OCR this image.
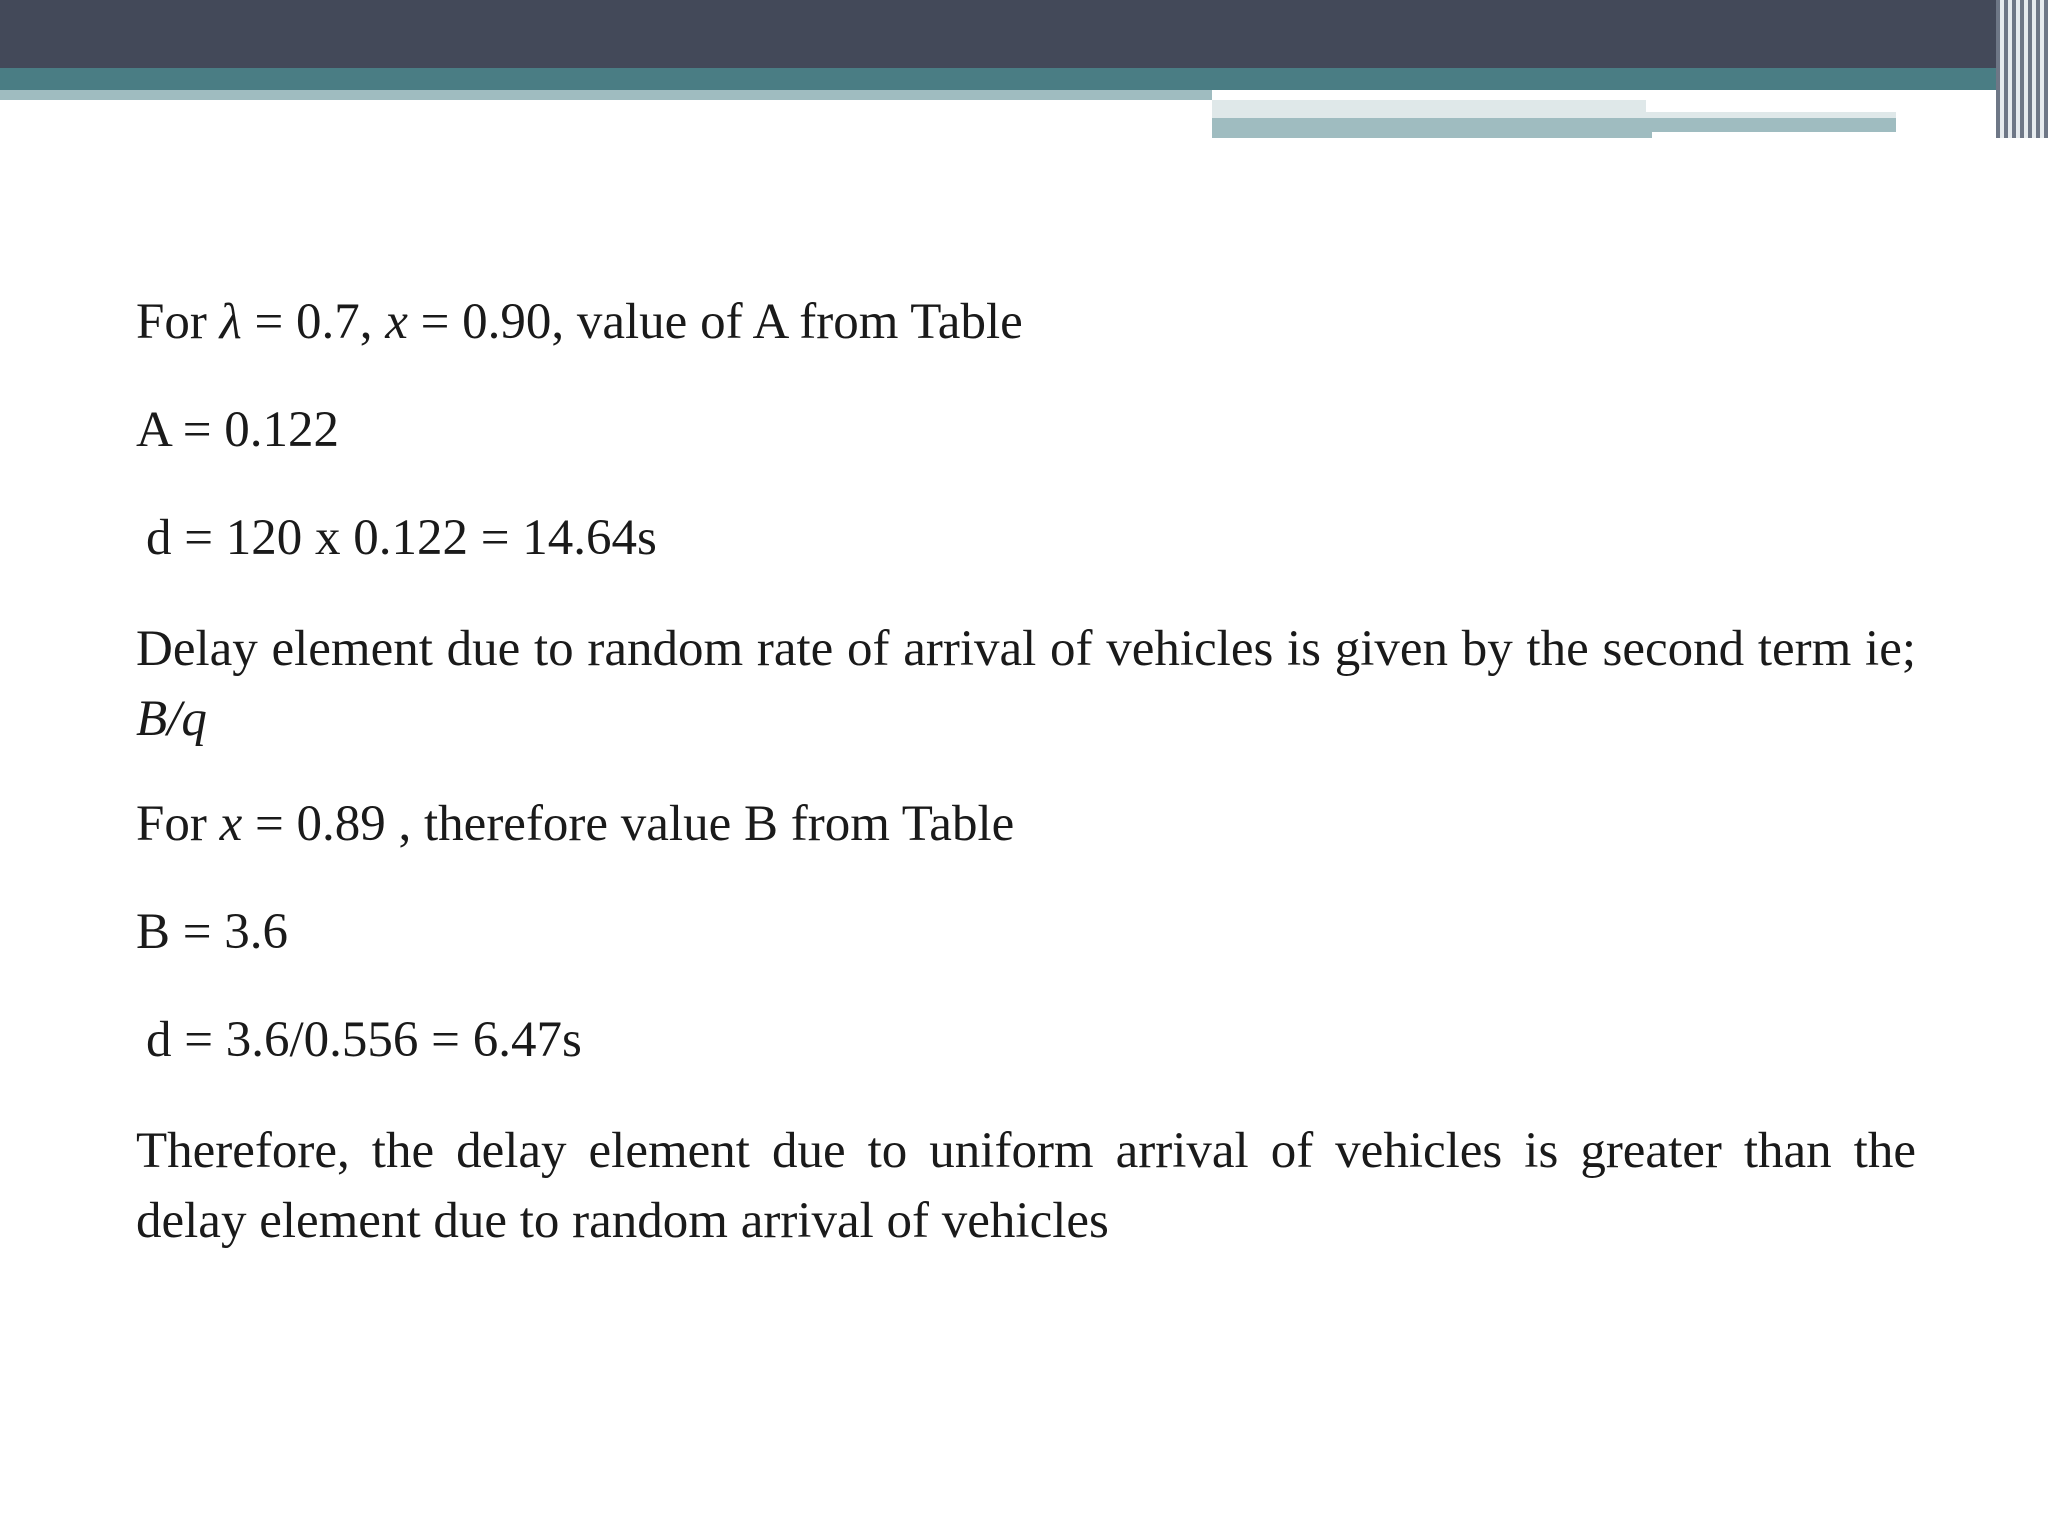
For λ = 0.7, x = 0.90, value of A from Table

A = 0.122

d = 120 x 0.122 = 14.64s

Delay element due to random rate of arrival of vehicles is given by the second term ie; B/q

For x = 0.89 , therefore value B from Table

B = 3.6

d = 3.6/0.556 = 6.47s

Therefore, the delay element due to uniform arrival of vehicles is greater than the delay element due to random arrival of vehicles
